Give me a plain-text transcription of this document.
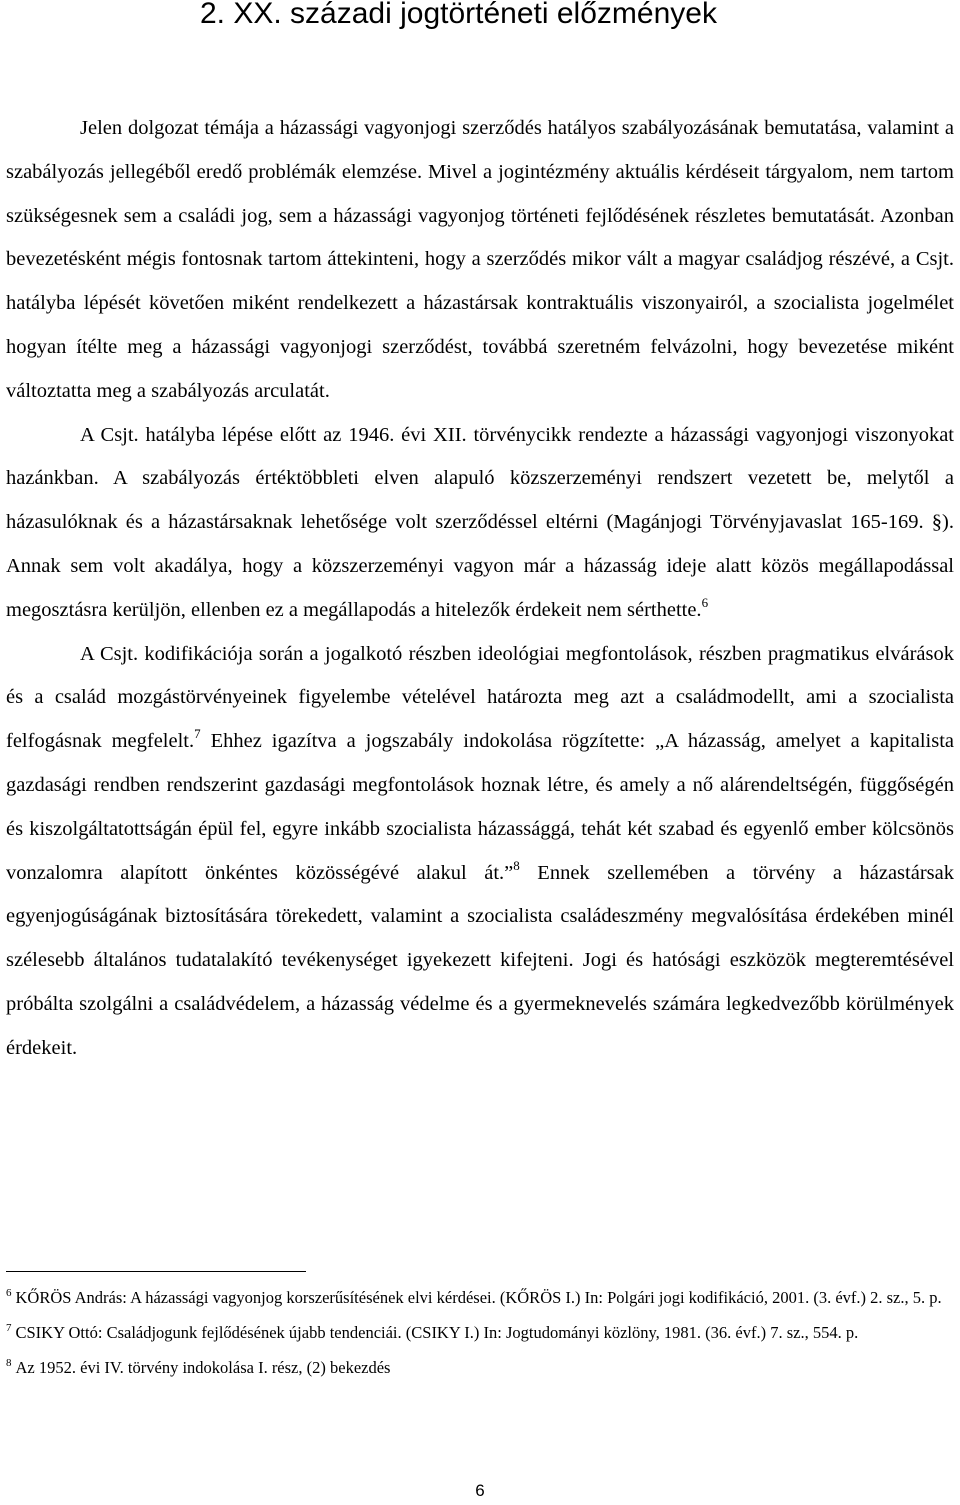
2. XX. századi jogtörténeti előzmények

Jelen dolgozat témája a házassági vagyonjogi szerződés hatályos szabályozásának bemutatása, valamint a szabályozás jellegéből eredő problémák elemzése. Mivel a jogintézmény aktuális kérdéseit tárgyalom, nem tartom szükségesnek sem a családi jog, sem a házassági vagyonjog történeti fejlődésének részletes bemutatását. Azonban bevezetésként mégis fontosnak tartom áttekinteni, hogy a szerződés mikor vált a magyar családjog részévé, a Csjt. hatályba lépését követően miként rendelkezett a házastársak kontraktuális viszonyairól, a szocialista jogelmélet hogyan ítélte meg a házassági vagyonjogi szerződést, továbbá szeretném felvázolni, hogy bevezetése miként változtatta meg a szabályozás arculatát.

A Csjt. hatályba lépése előtt az 1946. évi XII. törvénycikk rendezte a házassági vagyonjogi viszonyokat hazánkban. A szabályozás értéktöbbleti elven alapuló közszerzeményi rendszert vezetett be, melytől a házasulóknak és a házastársaknak lehetősége volt szerződéssel eltérni (Magánjogi Törvényjavaslat 165-169. §). Annak sem volt akadálya, hogy a közszerzeményi vagyon már a házasság ideje alatt közös megállapodással megosztásra kerüljön, ellenben ez a megállapodás a hitelezők érdekeit nem sérthette.$^6$

A Csjt. kodifikációja során a jogalkotó részben ideológiai megfontolások, részben pragmatikus elvárások és a család mozgástörvényeinek figyelembe vételével határozta meg azt a családmodellt, ami a szocialista felfogásnak megfelelt.$^7$ Ehhez igazítva a jogszabály indokolása rögzítette: „A házasság, amelyet a kapitalista gazdasági rendben rendszerint gazdasági megfontolások hoznak létre, és amely a nő alárendeltségén, függőségén és kiszolgáltatottságán épül fel, egyre inkább szocialista házassággá, tehát két szabad és egyenlő ember kölcsönös vonzalomra alapított önkéntes közösségévé alakul át.”$^8$ Ennek szellemében a törvény a házastársak egyenjogúságának biztosítására törekedett, valamint a szocialista családeszmény megvalósítása érdekében minél szélesebb általános tudatalakító tevékenységet igyekezett kifejteni. Jogi és hatósági eszközök megteremtésével próbálta szolgálni a családvédelem, a házasság védelme és a gyermeknevelés számára legkedvezőbb körülmények érdekeit.

$^6$ KŐRÖS András: A házassági vagyonjog korszerűsítésének elvi kérdései. (KŐRÖS I.) In: Polgári jogi kodifikáció, 2001. (3. évf.) 2. sz., 5. p.

$^7$ CSIKY Ottó: Családjogunk fejlődésének újabb tendenciái. (CSIKY I.) In: Jogtudományi közlöny, 1981. (36. évf.) 7. sz., 554. p.

$^8$ Az 1952. évi IV. törvény indokolása I. rész, (2) bekezdés

6
